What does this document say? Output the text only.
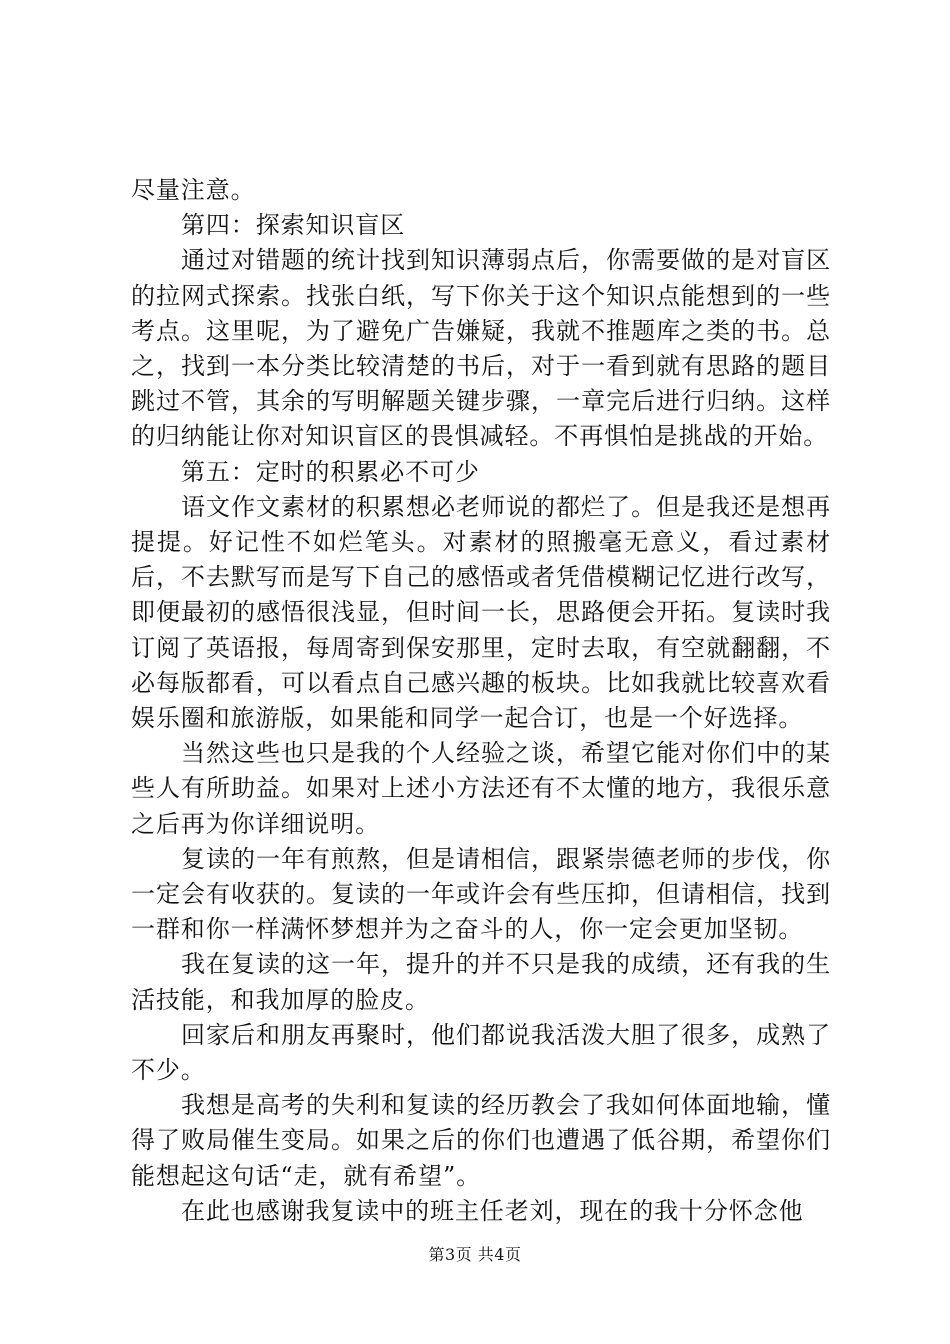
尽量注意。

第四：探索知识盲区

通过对错题的统计找到知识薄弱点后，你需要做的是对盲区的拉网式探索。找张白纸，写下你关于这个知识点能想到的一些考点。这里呢，为了避免广告嫌疑，我就不推题库之类的书。总之，找到一本分类比较清楚的书后，对于一看到就有思路的题目跳过不管，其余的写明解题关键步骤，一章完后进行归纳。这样的归纳能让你对知识盲区的畏惧减轻。不再惧怕是挑战的开始。

第五：定时的积累必不可少

语文作文素材的积累想必老师说的都烂了。但是我还是想再提提。好记性不如烂笔头。对素材的照搬毫无意义，看过素材后，不去默写而是写下自己的感悟或者凭借模糊记忆进行改写，即便最初的感悟很浅显，但时间一长，思路便会开拓。复读时我订阅了英语报，每周寄到保安那里，定时去取，有空就翻翻，不必每版都看，可以看点自己感兴趣的板块。比如我就比较喜欢看娱乐圈和旅游版，如果能和同学一起合订，也是一个好选择。

当然这些也只是我的个人经验之谈，希望它能对你们中的某些人有所助益。如果对上述小方法还有不太懂的地方，我很乐意之后再为你详细说明。

复读的一年有煎熬，但是请相信，跟紧崇德老师的步伐，你一定会有收获的。复读的一年或许会有些压抑，但请相信，找到一群和你一样满怀梦想并为之奋斗的人，你一定会更加坚韧。

我在复读的这一年，提升的并不只是我的成绩，还有我的生活技能，和我加厚的脸皮。

回家后和朋友再聚时，他们都说我活泼大胆了很多，成熟了不少。

我想是高考的失利和复读的经历教会了我如何体面地输，懂得了败局催生变局。如果之后的你们也遭遇了低谷期，希望你们能想起这句话“走，就有希望”。

在此也感谢我复读中的班主任老刘，现在的我十分怀念他

第3页 共4页
